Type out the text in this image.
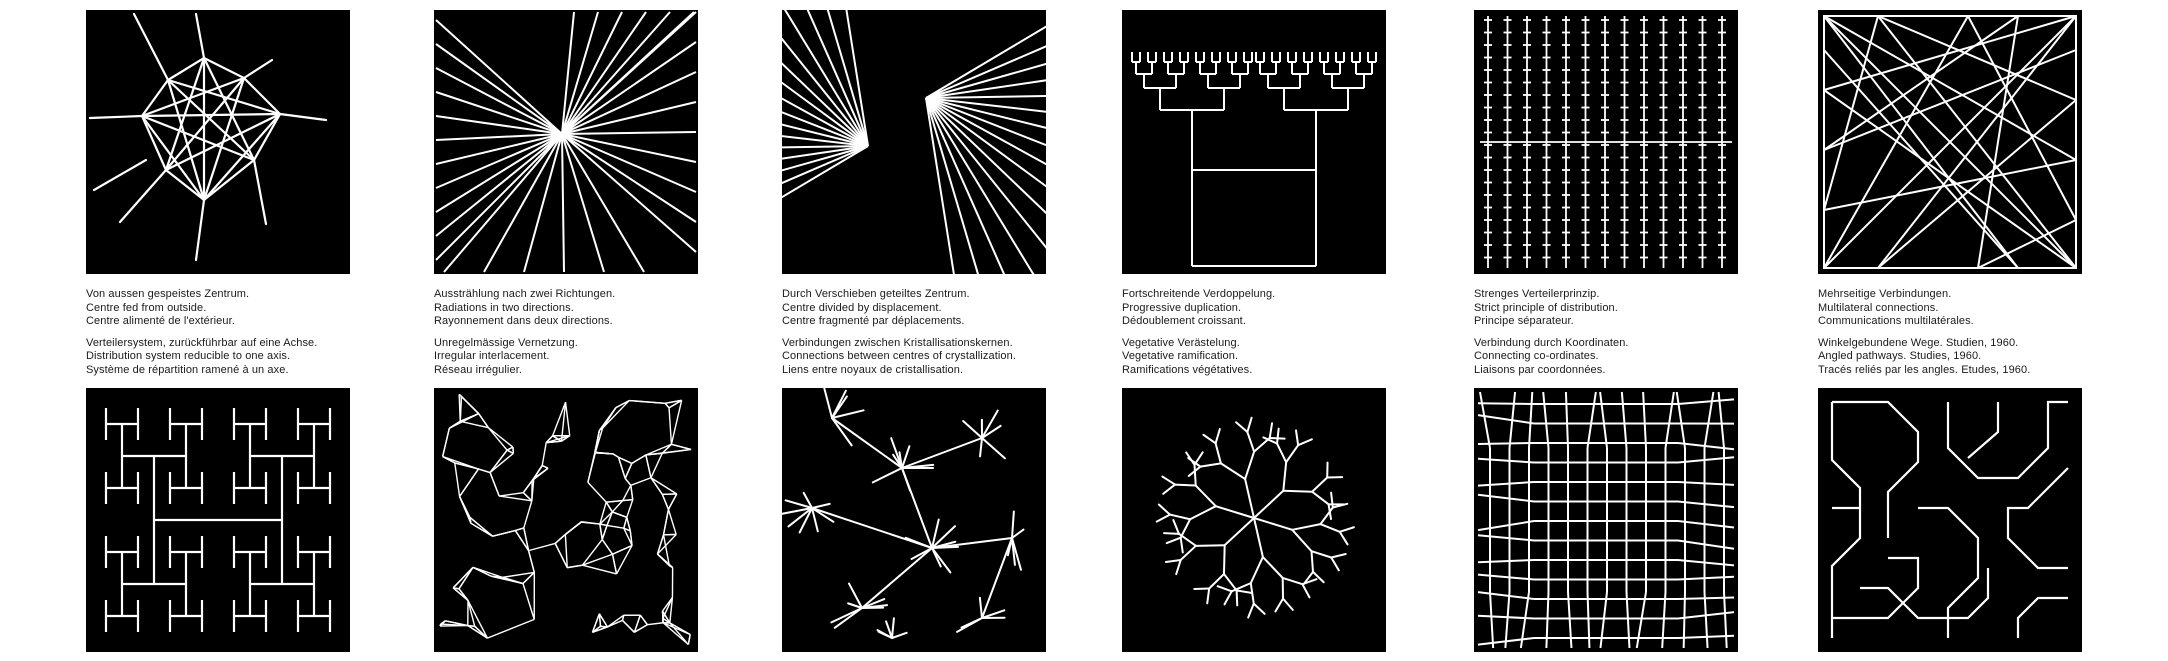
Von aussen gespeistes Zentrum.

Centre fed from outside.

Centre alimenté de l'extérieur.

Verteilersystem, zurückführbar auf eine Achse.

Distribution system reducible to one axis.

Système de répartition ramené à un axe.

Ausstrählung nach zwei Richtungen.

Radiations in two directions.

Rayonnement dans deux directions.

Unregelmässige Vernetzung.

Irregular interlacement.

Réseau irrégulier.

Durch Verschieben geteiltes Zentrum.

Centre divided by displacement.

Centre fragmenté par déplacements.

Verbindungen zwischen Kristallisationskernen.

Connections between centres of crystallization.

Liens entre noyaux de cristallisation.

Fortschreitende Verdoppelung.

Progressive duplication.

Dédoublement croissant.

Vegetative Verästelung.

Vegetative ramification.

Ramifications végétatives.

Strenges Verteilerprinzip.

Strict principle of distribution.

Principe séparateur.

Verbindung durch Koordinaten.

Connecting co-ordinates.

Liaisons par coordonnées.

Mehrseitige Verbindungen.

Multilateral connections.

Communications multilatérales.

Winkelgebundene Wege. Studien, 1960.

Angled pathways. Studies, 1960.

Tracés reliés par les angles. Etudes, 1960.
